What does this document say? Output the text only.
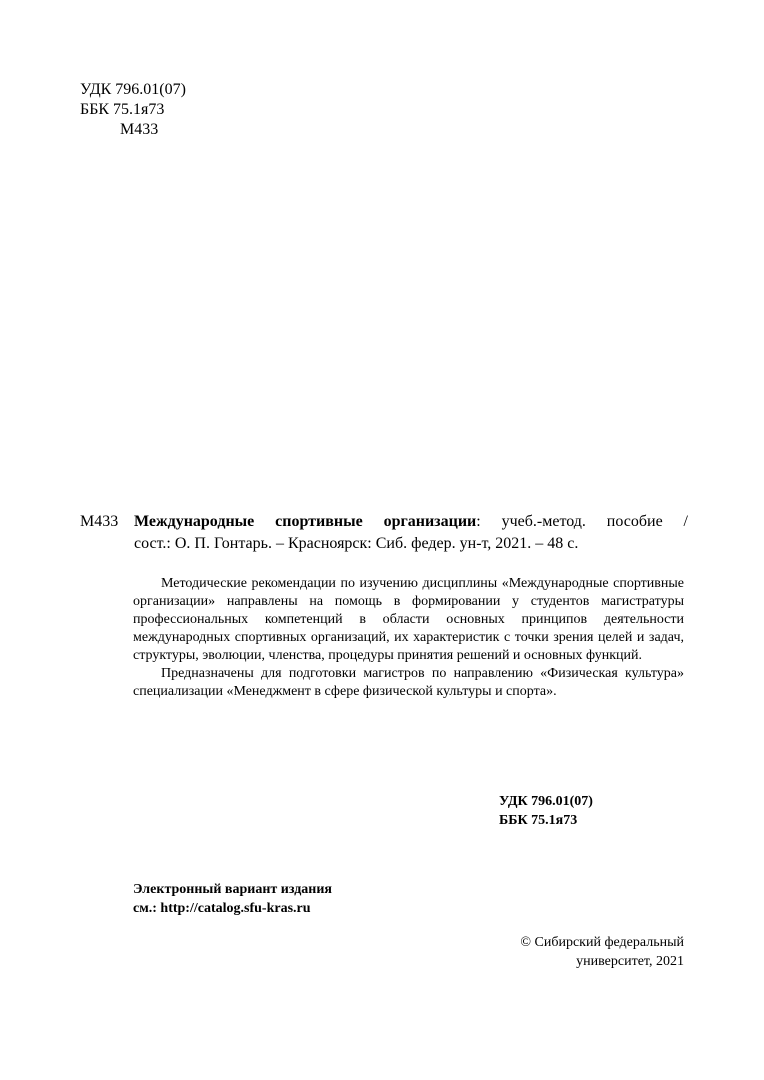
УДК 796.01(07)
ББК 75.1я73
М433
М433 Международные спортивные организации: учеб.-метод. пособие /
сост.: О. П. Гонтарь. – Красноярск: Сиб. федер. ун-т, 2021. – 48 с.

Методические рекомендации по изучению дисциплины «Международные спортивные организации» направлены на помощь в формировании у студентов магистратуры профессиональных компетенций в области основных принципов деятельности международных спортивных организаций, их характеристик с точки зрения целей и задач, структуры, эволюции, членства, процедуры принятия решений и основных функций.

Предназначены для подготовки магистров по направлению «Физическая культура» специализации «Менеджмент в сфере физической культуры и спорта».

УДК 796.01(07)
ББК 75.1я73
Электронный вариант издания
см.: http://catalog.sfu-kras.ru
© Сибирский федеральный
университет, 2021
